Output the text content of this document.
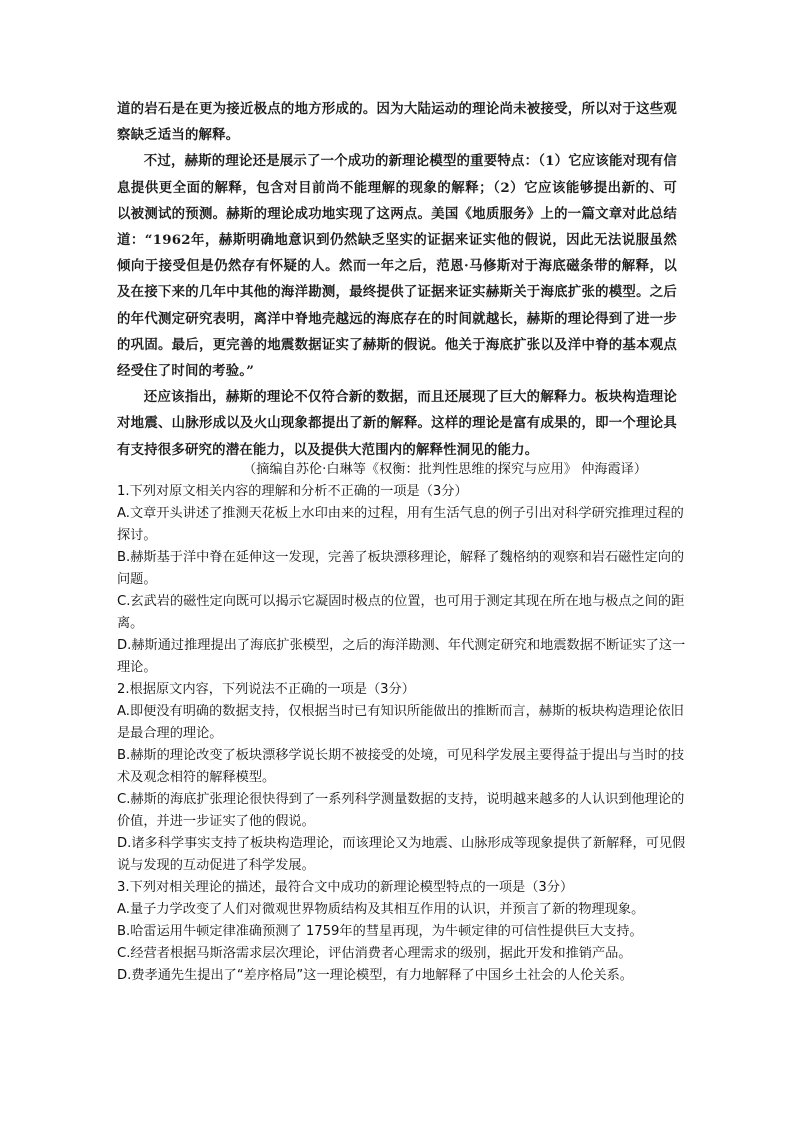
道的岩石是在更为接近极点的地方形成的。因为大陆运动的理论尚未被接受，所以对于这些观察缺乏适当的解释。

不过，赫斯的理论还是展示了一个成功的新理论模型的重要特点：（1）它应该能对现有信息提供更全面的解释，包含对目前尚不能理解的现象的解释；（2）它应该能够提出新的、可以被测试的预测。赫斯的理论成功地实现了这两点。美国《地质服务》上的一篇文章对此总结道：“1962年，赫斯明确地意识到仍然缺乏坚实的证据来证实他的假说，因此无法说服虽然倾向于接受但是仍然存有怀疑的人。然而一年之后，范恩·马修斯对于海底磁条带的解释，以及在接下来的几年中其他的海洋勘测，最终提供了证据来证实赫斯关于海底扩张的模型。之后的年代测定研究表明，离洋中脊地壳越远的海底存在的时间就越长，赫斯的理论得到了进一步的巩固。最后，更完善的地震数据证实了赫斯的假说。他关于海底扩张以及洋中脊的基本观点经受住了时间的考验。”

还应该指出，赫斯的理论不仅符合新的数据，而且还展现了巨大的解释力。板块构造理论对地震、山脉形成以及火山现象都提出了新的解释。这样的理论是富有成果的，即一个理论具有支持很多研究的潜在能力，以及提供大范围内的解释性洞见的能力。

（摘编自苏伦·白琳等《权衡：批判性思维的探究与应用》 仲海霞译）

1.下列对原文相关内容的理解和分析不正确的一项是（3分）

A.文章开头讲述了推测天花板上水印由来的过程，用有生活气息的例子引出对科学研究推理过程的探讨。

B.赫斯基于洋中脊在延伸这一发现，完善了板块漂移理论，解释了魏格纳的观察和岩石磁性定向的问题。

C.玄武岩的磁性定向既可以揭示它凝固时极点的位置，也可用于测定其现在所在地与极点之间的距离。

D.赫斯通过推理提出了海底扩张模型，之后的海洋勘测、年代测定研究和地震数据不断证实了这一理论。

2.根据原文内容，下列说法不正确的一项是（3分）

A.即便没有明确的数据支持，仅根据当时已有知识所能做出的推断而言，赫斯的板块构造理论依旧是最合理的理论。

B.赫斯的理论改变了板块漂移学说长期不被接受的处境，可见科学发展主要得益于提出与当时的技术及观念相符的解释模型。

C.赫斯的海底扩张理论很快得到了一系列科学测量数据的支持，说明越来越多的人认识到他理论的价值，并进一步证实了他的假说。

D.诸多科学事实支持了板块构造理论，而该理论又为地震、山脉形成等现象提供了新解释，可见假说与发现的互动促进了科学发展。

3.下列对相关理论的描述，最符合文中成功的新理论模型特点的一项是（3分）

A.量子力学改变了人们对微观世界物质结构及其相互作用的认识，并预言了新的物理现象。

B.哈雷运用牛顿定律准确预测了 1759年的彗星再现，为牛顿定律的可信性提供巨大支持。

C.经营者根据马斯洛需求层次理论，评估消费者心理需求的级别，据此开发和推销产品。

D.费孝通先生提出了“差序格局”这一理论模型，有力地解释了中国乡土社会的人伦关系。
